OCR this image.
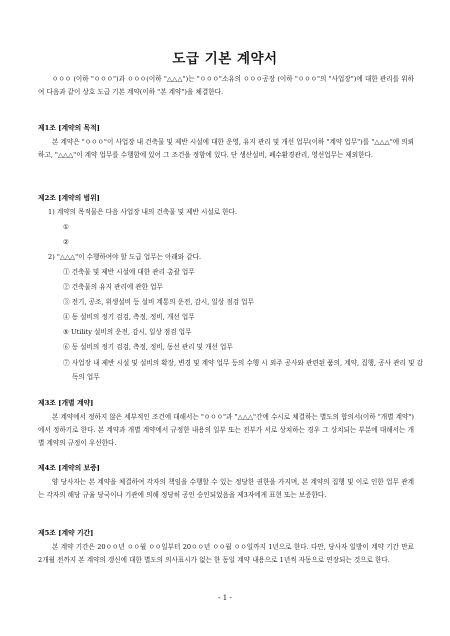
도급 기본 계약서

ㅇㅇㅇ (이하 "ㅇㅇㅇ")과 ㅇㅇㅇ(이하 "△△△")는 "ㅇㅇㅇ"소유의 ㅇㅇㅇ공장 (이하 "ㅇㅇㅇ"의 "사업장")에 대한 관리를 위하여 다음과 같이 상호 도급 기본 계약(이하 "본 계약")을 체결한다.

제1조 [계약의 목적]

본 계약은 "ㅇㅇㅇ"이 사업장 내 건축물 및 제반 시설에 대한 운영, 유지 관리 및 개선 업무(이하 "계약 업무")를 "△△△"에 의뢰하고, "△△△"이 계약 업무를 수행함에 있어 그 조건을 정함에 있다. 단 생산설비, 폐수환경관리, 영선업무는 제외한다.

제2조 [계약의 범위]

1) 계약의 목적물은 다음 사업장 내의 건축물 및 제반 시설로 한다.

①

②

2) "△△△"이 수행하여야 할 도급 업무는 아래와 같다.

① 건축물 및 제반 시설에 대한 관리 총괄 업무

② 건축물의 유지 관리에 관한 업무

③ 전기, 공조, 위생설비 등 설비 계통의 운전, 감시, 일상 점검 업무

④ 동 설비의 정기 검검, 측정, 정비, 개선 업무

⑤ Utility 설비의 운전, 감시, 일상 점검 업무

⑥ 동 설비의 정기 검검, 측정, 정비, 동선 관리 및 개선 업무

⑦ 사업장 내 제반 시설 및 설비의 확장, 변경 및 계약 업무 등의 수행 시 외주 공사와 관련된 품의, 계약, 집행, 공사 관리 및 감독의 업무

제3조 [개별 계약]

본 계약에서 정하지 않은 세부적인 조건에 대해서는 "ㅇㅇㅇ"과 "△△△"간에 수시로 체결하는 별도의 합의서(이하 "개별 계약")에서 정하기로 한다. 본 계약과 개별 계약에서 규정한 내용의 일부 또는 전부가 서로 상치하는 경우 그 상치되는 부분에 대해서는 개별 계약의 규정이 우선한다.

제4조 [계약의 보증]

양 당사자는 본 계약을 체결하여 각자의 책임을 수행할 수 있는 정당한 권한을 가지며, 본 계약의 집행 및 이로 인한 업무 관계는 각자의 해당 규율 당국이나 기관에 의해 정당히 공인 승인되었음을 제3자에게 표현 또는 보증한다.

제5조 [계약 기간]

본 계약 기간은 20ㅇㅇ년 ㅇㅇ월 ㅇㅇ일부터 20ㅇㅇ년 ㅇㅇ월 ㅇㅇ일까지 1년으로 한다. 다만, 당사자 일방이 계약 기간 만료 2개월 전까지 본 계약의 갱신에 대한 별도의 의사표시가 없는 한 동일 계약 내용으로 1년씩 자동으로 연장되는 것으로 한다.

- 1 -
